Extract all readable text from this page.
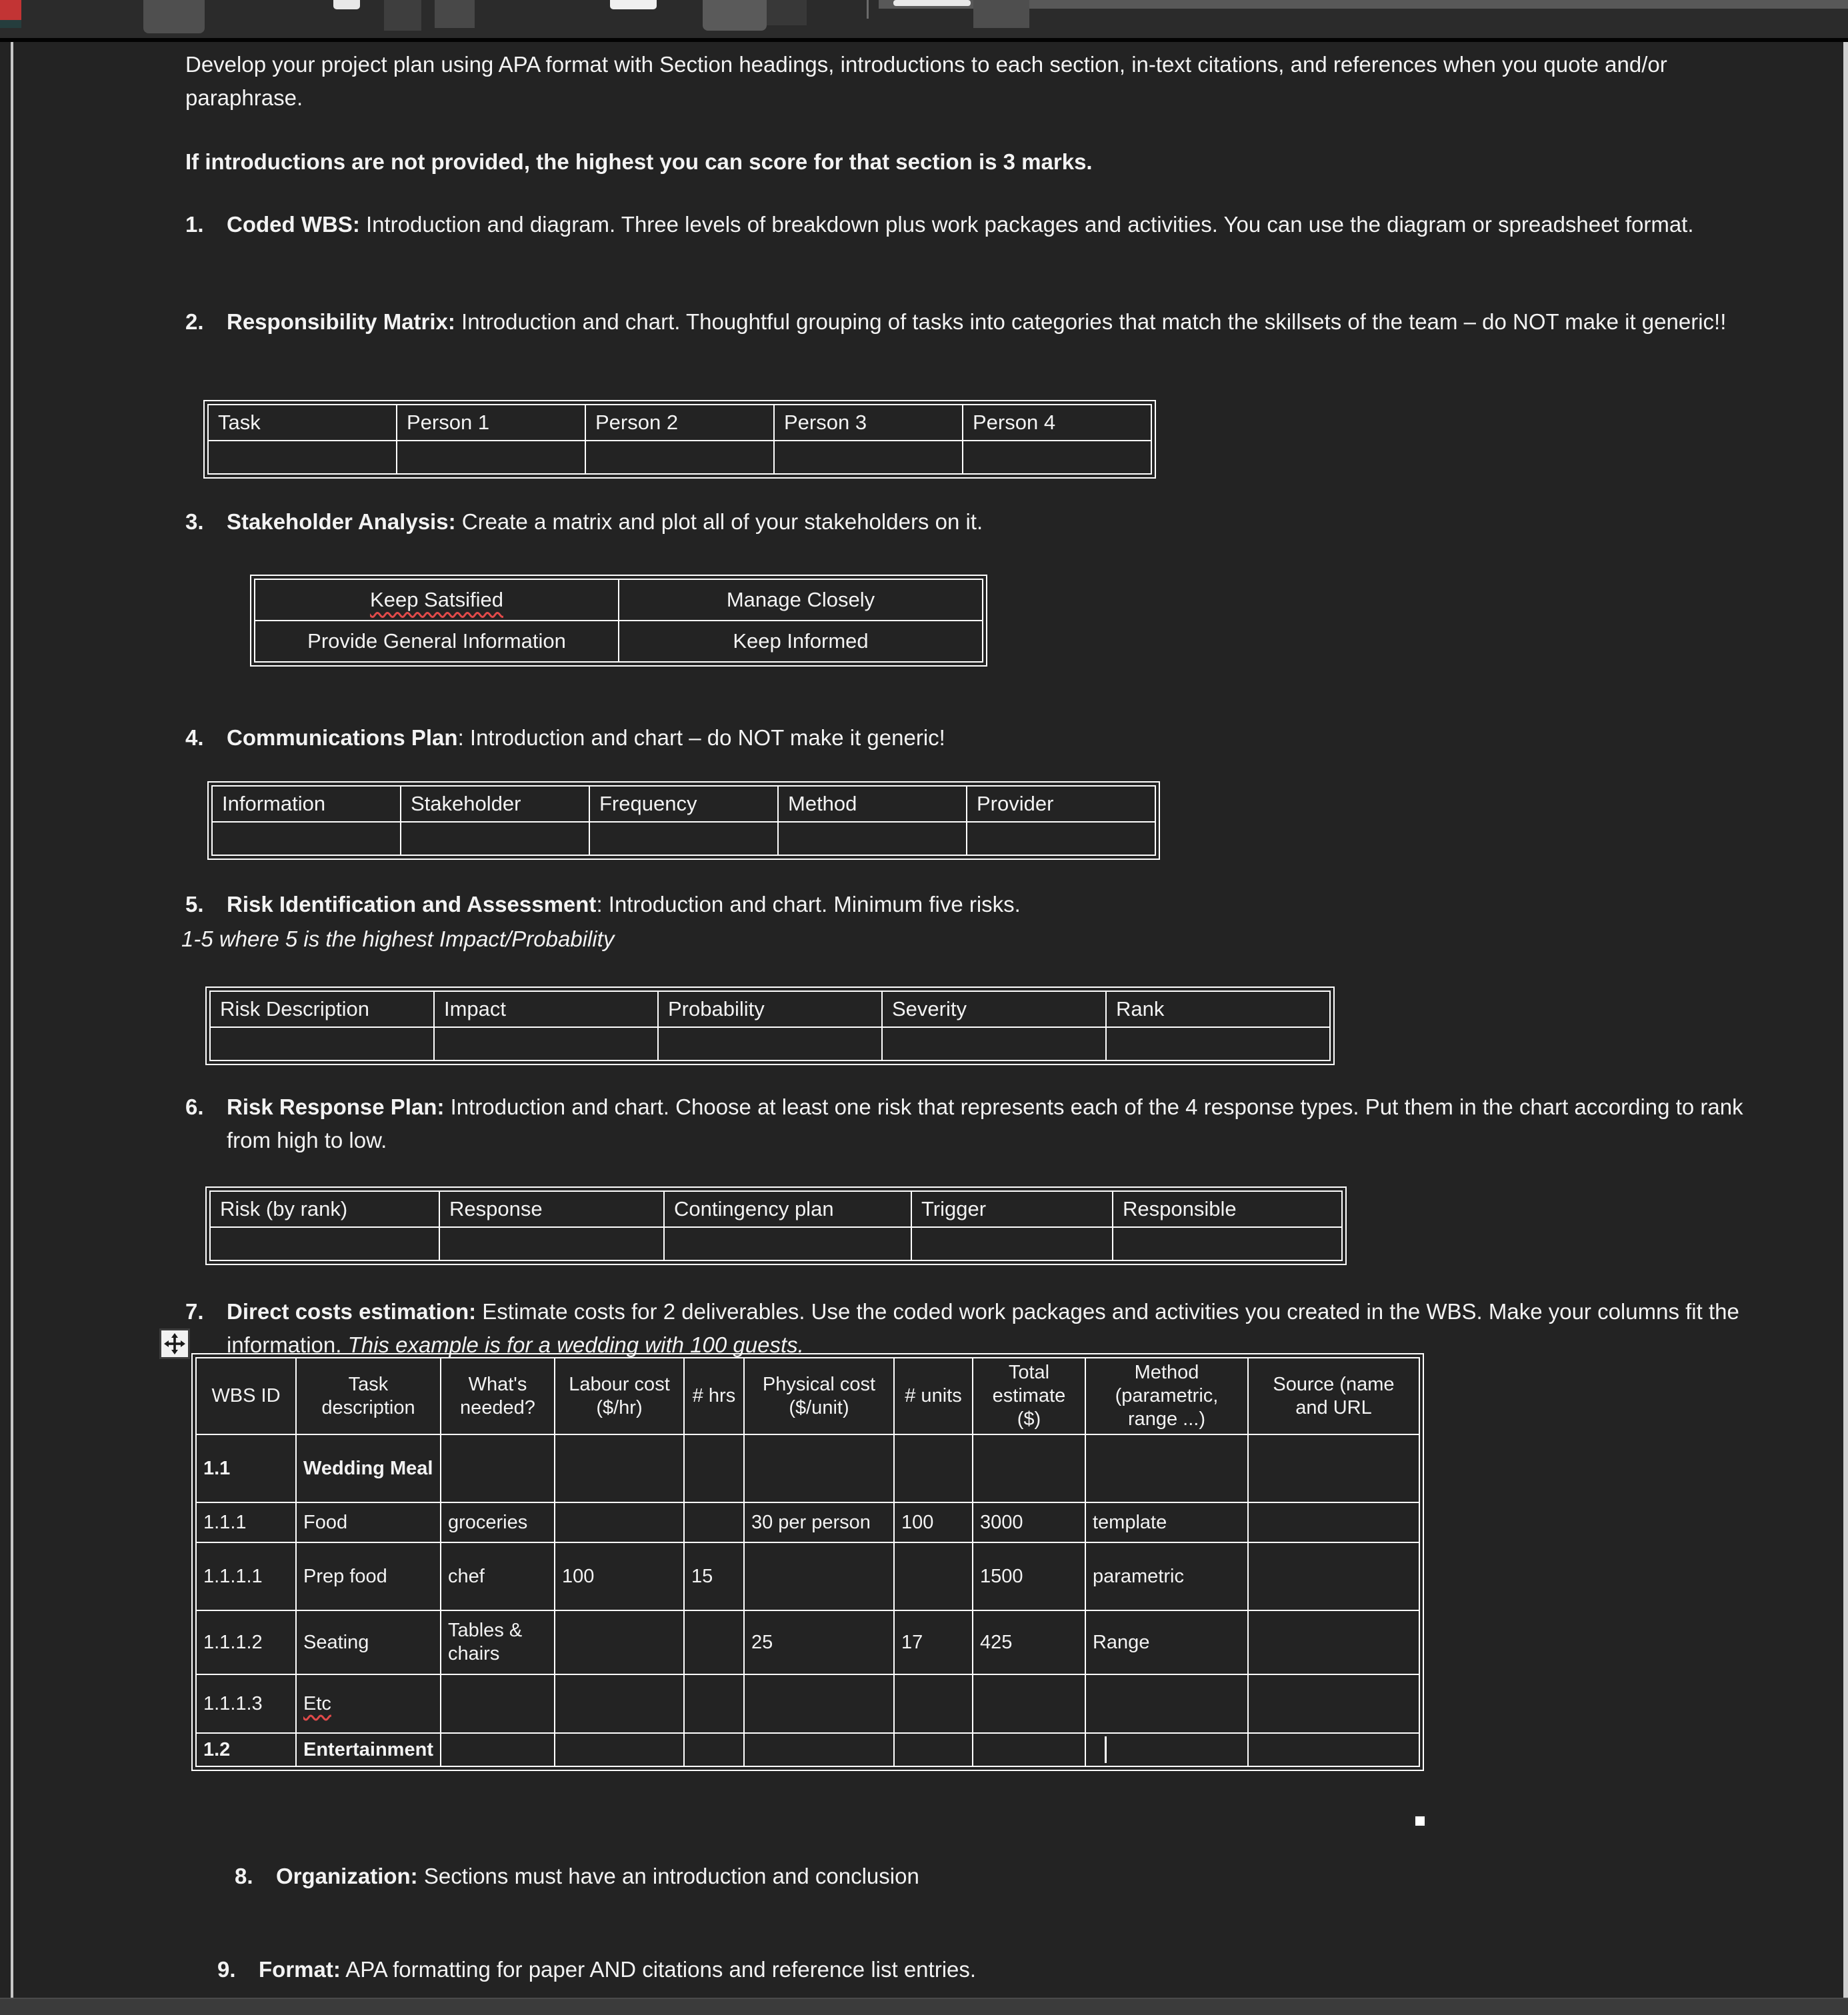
Develop your project plan using APA format with Section headings, introductions to each section, in-text citations, and references when you quote and/or paraphrase.
If introductions are not provided, the highest you can score for that section is 3 marks.
1. Coded WBS: Introduction and diagram. Three levels of breakdown plus work packages and activities. You can use the diagram or spreadsheet format.
2. Responsibility Matrix: Introduction and chart. Thoughtful grouping of tasks into categories that match the skillsets of the team – do NOT make it generic!!
Task	Person 1	Person 2	Person 3	Person 4

3. Stakeholder Analysis: Create a matrix and plot all of your stakeholders on it.
Keep Satsified	Manage Closely
Provide General Information	Keep Informed
4. Communications Plan: Introduction and chart – do NOT make it generic!
Information	Stakeholder	Frequency	Method	Provider

5. Risk Identification and Assessment: Introduction and chart. Minimum five risks.
1-5 where 5 is the highest Impact/Probability
Risk Description	Impact	Probability	Severity	Rank

6. Risk Response Plan: Introduction and chart. Choose at least one risk that represents each of the 4 response types. Put them in the chart according to rank from high to low.
Risk (by rank)	Response	Contingency plan	Trigger	Responsible

7. Direct costs estimation: Estimate costs for 2 deliverables. Use the coded work packages and activities you created in the WBS. Make your columns fit the information. This example is for a wedding with 100 guests.
WBS ID	Task description	What's needed?	Labour cost ($/hr)	# hrs	Physical cost ($/unit)	# units	Total estimate ($)	Method (parametric, range ...)	Source (name and URL
1.1	Wedding Meal								
1.1.1	Food	groceries			30 per person	100	3000	template	
1.1.1.1	Prep food	chef	100	15			1500	parametric	
1.1.1.2	Seating	Tables & chairs			25	17	425	Range	
1.1.1.3	Etc								
1.2	Entertainment								
8. Organization: Sections must have an introduction and conclusion
9. Format: APA formatting for paper AND citations and reference list entries.
